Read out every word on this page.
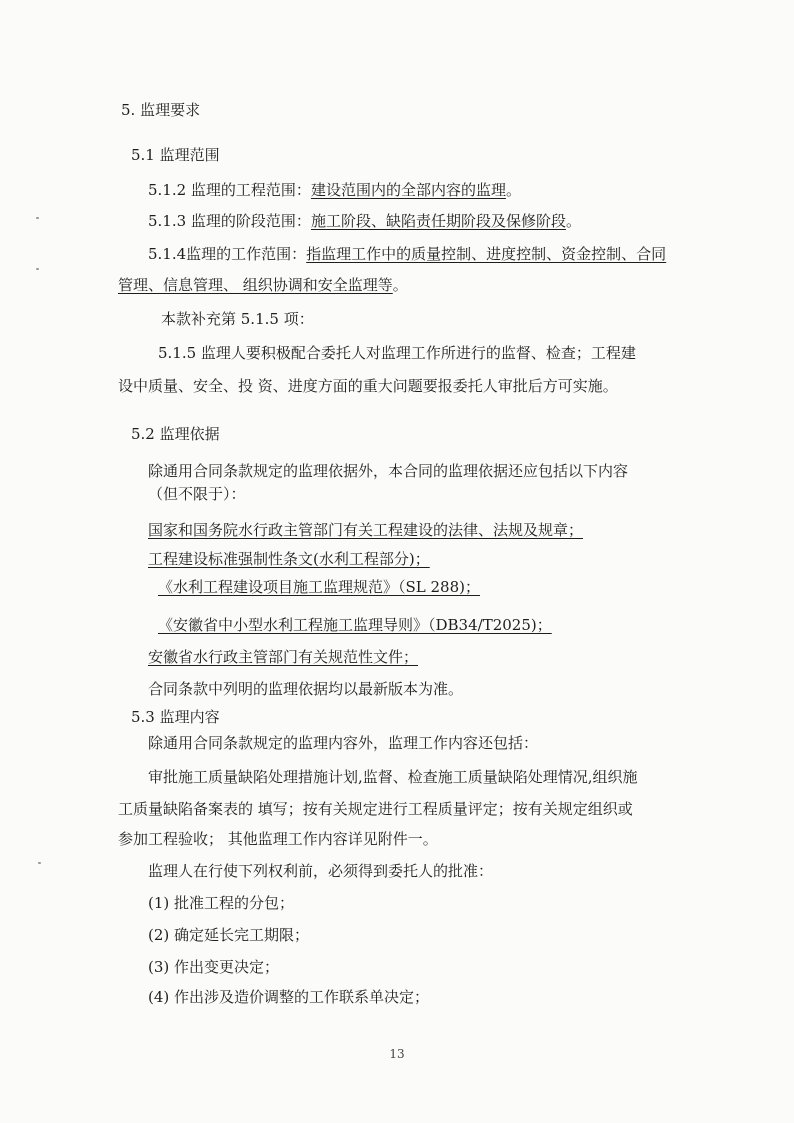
5. 监理要求
5.1 监理范围
5.1.2 监理的工程范围：建设范围内的全部内容的监理。
5.1.3 监理的阶段范围：施工阶段、缺陷责任期阶段及保修阶段。
5.1.4监理的工作范围：指监理工作中的质量控制、进度控制、资金控制、合同
管理、信息管理、 组织协调和安全监理等。
本款补充第 5.1.5 项：
5.1.5 监理人要积极配合委托人对监理工作所进行的监督、检查；工程建
设中质量、安全、投 资、进度方面的重大问题要报委托人审批后方可实施。
5.2 监理依据
除通用合同条款规定的监理依据外，本合同的监理依据还应包括以下内容
（但不限于）：
国家和国务院水行政主管部门有关工程建设的法律、法规及规章；
工程建设标准强制性条文(水利工程部分)；
《水利工程建设项目施工监理规范》（SL 288)；
《安徽省中小型水利工程施工监理导则》（DB34/T2025)；
安徽省水行政主管部门有关规范性文件；
合同条款中列明的监理依据均以最新版本为准。
5.3 监理内容
除通用合同条款规定的监理内容外，监理工作内容还包括：
审批施工质量缺陷处理措施计划,监督、检查施工质量缺陷处理情况,组织施
工质量缺陷备案表的 填写；按有关规定进行工程质量评定；按有关规定组织或
参加工程验收； 其他监理工作内容详见附件一。
监理人在行使下列权利前，必须得到委托人的批准：
(1) 批准工程的分包；
(2) 确定延长完工期限；
(3) 作出变更决定；
(4) 作出涉及造价调整的工作联系单决定；
13
